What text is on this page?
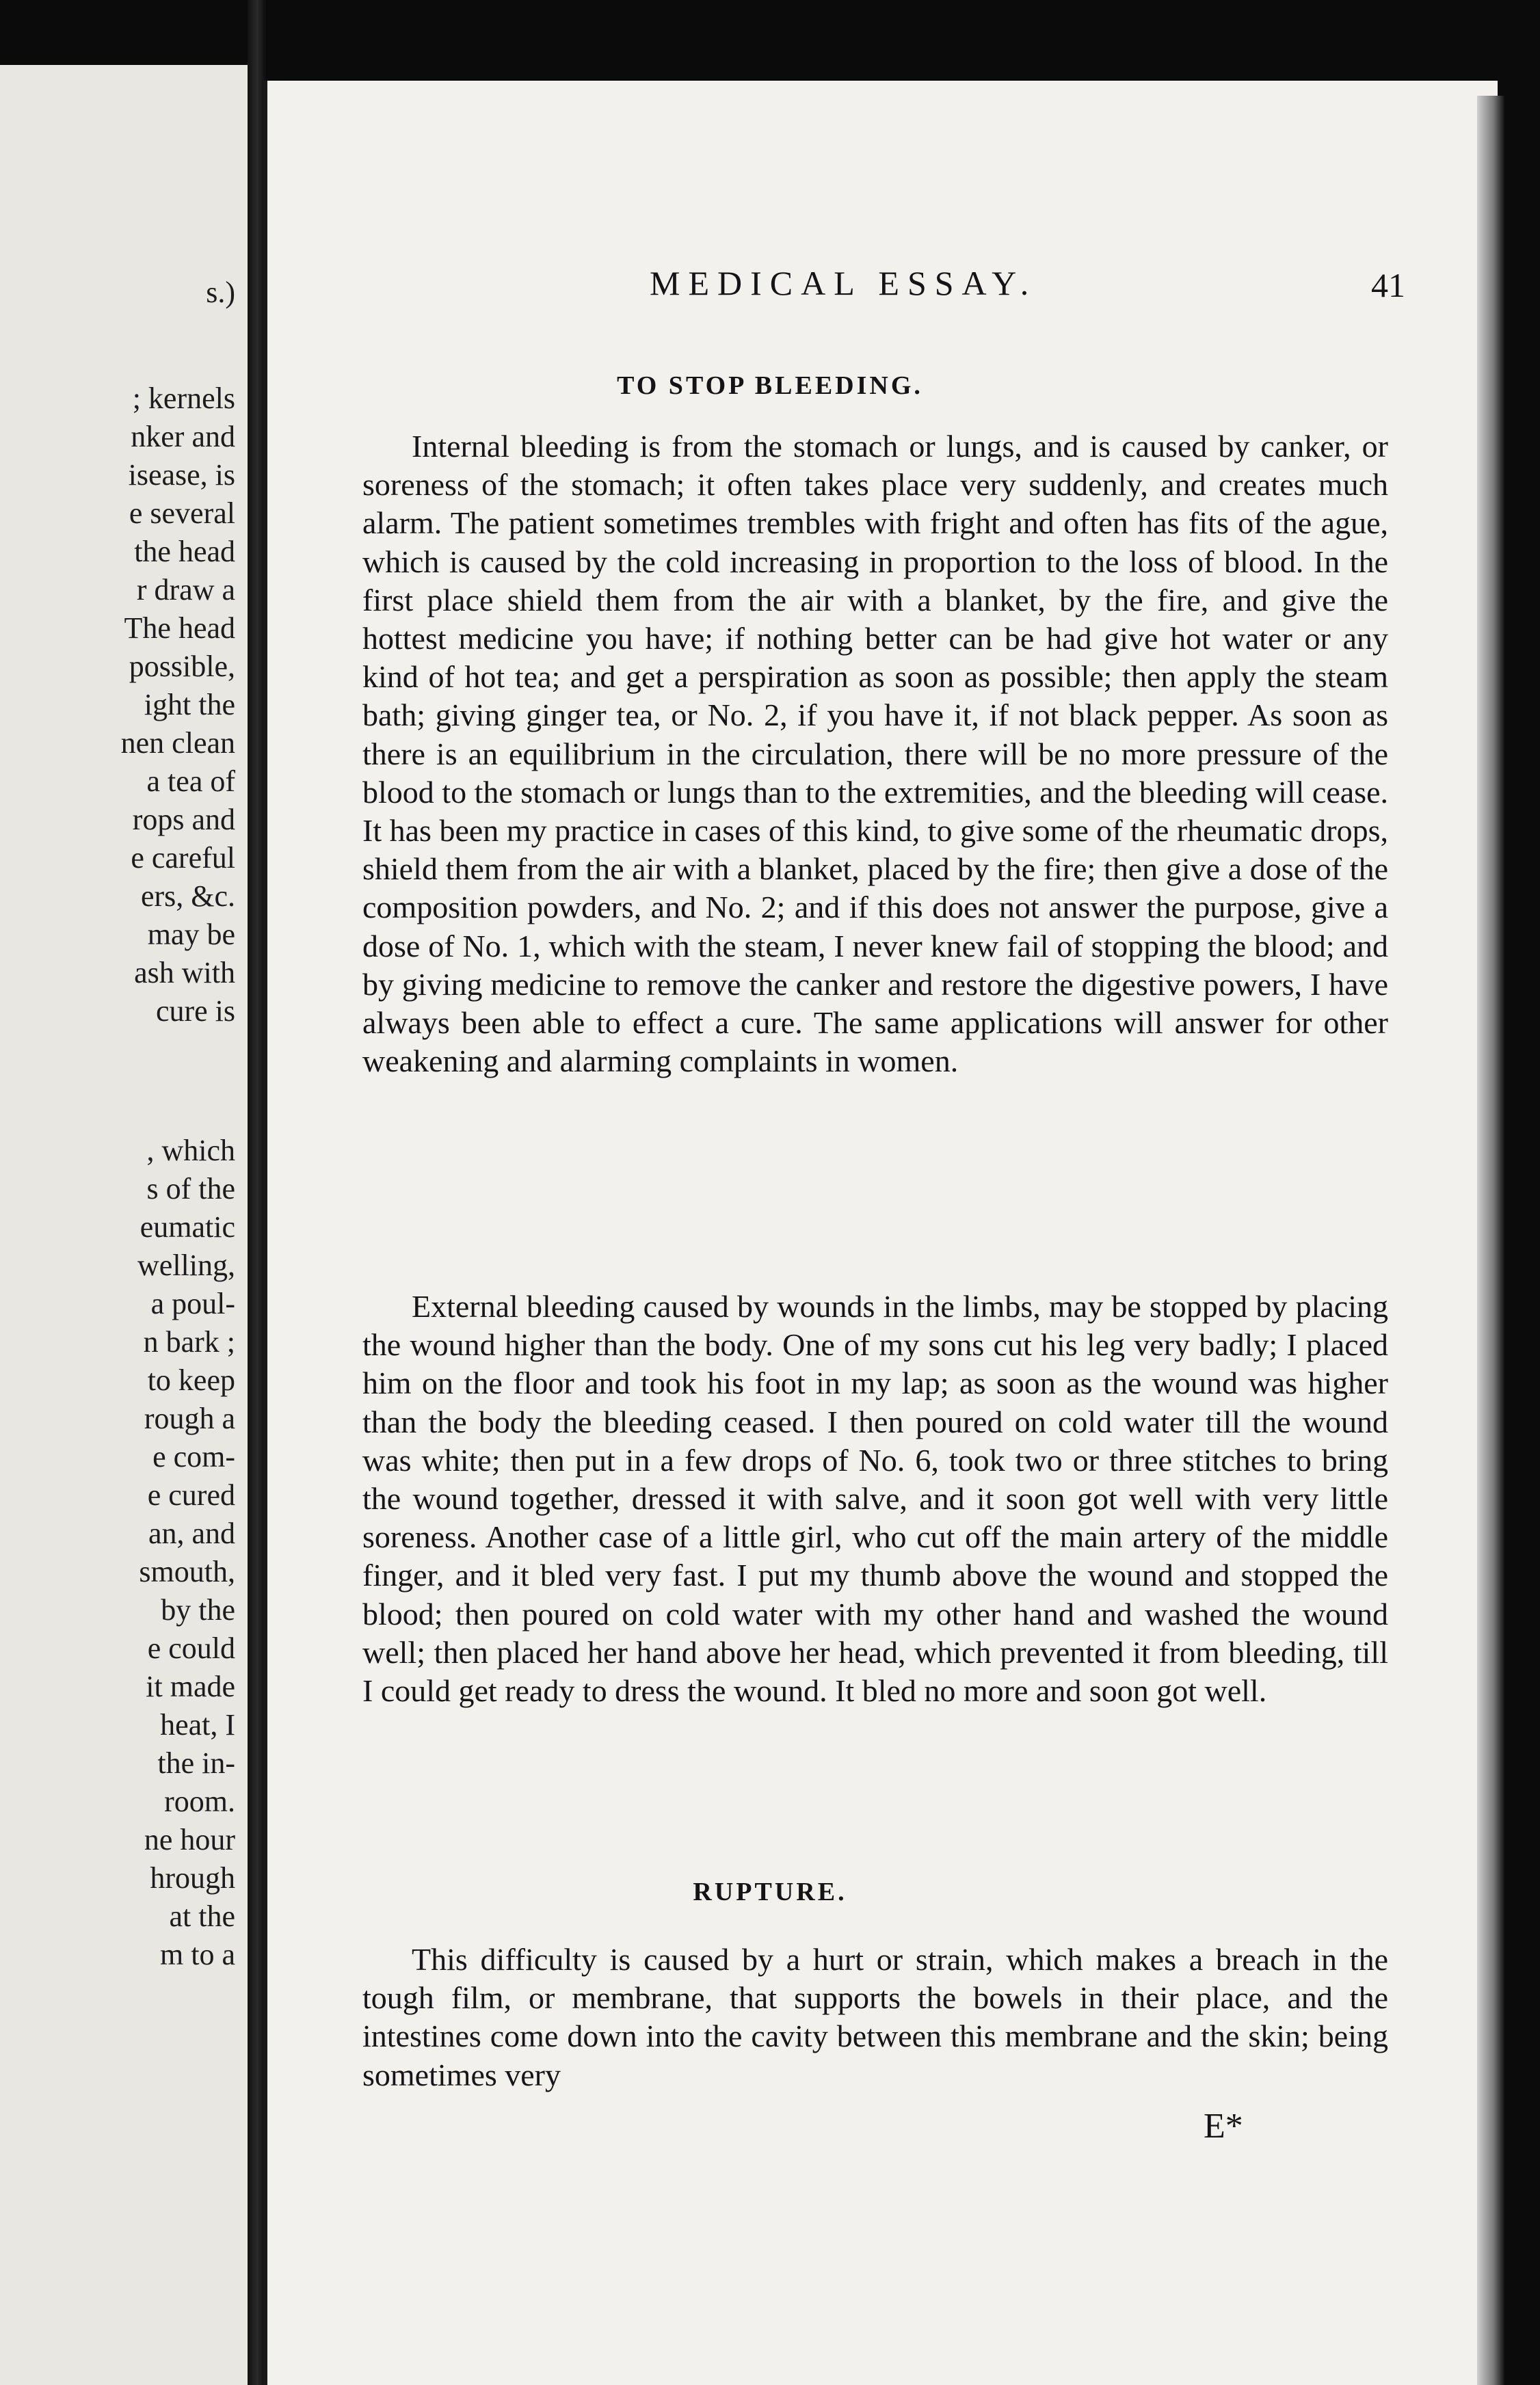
s.)
; kernels
nker and
isease, is
e several
the head
r draw a
The head
possible,
ight the
nen clean
a tea of
rops and
e careful
ers, &c.
may be
ash with
cure is
, which
s of the
eumatic
welling,
a poul-
n bark ;
to keep
rough a
e com-
e cured
an, and
smouth,
by the
e could
it made
heat, I
the in-
room.
ne hour
hrough
at the
m to a
MEDICAL ESSAY.	41
TO STOP BLEEDING.

Internal bleeding is from the stomach or lungs, and is caused by canker, or soreness of the stomach; it often takes place very suddenly, and creates much alarm. The patient sometimes trembles with fright and often has fits of the ague, which is caused by the cold increasing in proportion to the loss of blood. In the first place shield them from the air with a blanket, by the fire, and give the hottest medicine you have; if nothing better can be had give hot water or any kind of hot tea; and get a perspiration as soon as possible; then apply the steam bath; giving ginger tea, or No. 2, if you have it, if not black pepper. As soon as there is an equilibrium in the circulation, there will be no more pressure of the blood to the stomach or lungs than to the extremities, and the bleeding will cease. It has been my practice in cases of this kind, to give some of the rheumatic drops, shield them from the air with a blanket, placed by the fire; then give a dose of the composition powders, and No. 2; and if this does not answer the purpose, give a dose of No. 1, which with the steam, I never knew fail of stopping the blood; and by giving medicine to remove the canker and restore the digestive powers, I have always been able to effect a cure. The same applications will answer for other weakening and alarming complaints in women.

External bleeding caused by wounds in the limbs, may be stopped by placing the wound higher than the body. One of my sons cut his leg very badly; I placed him on the floor and took his foot in my lap; as soon as the wound was higher than the body the bleeding ceased. I then poured on cold water till the wound was white; then put in a few drops of No. 6, took two or three stitches to bring the wound together, dressed it with salve, and it soon got well with very little soreness. Another case of a little girl, who cut off the main artery of the middle finger, and it bled very fast. I put my thumb above the wound and stopped the blood; then poured on cold water with my other hand and washed the wound well; then placed her hand above her head, which prevented it from bleeding, till I could get ready to dress the wound. It bled no more and soon got well.

RUPTURE.

This difficulty is caused by a hurt or strain, which makes a breach in the tough film, or membrane, that supports the bowels in their place, and the intestines come down into the cavity between this membrane and the skin; being sometimes very

E*
